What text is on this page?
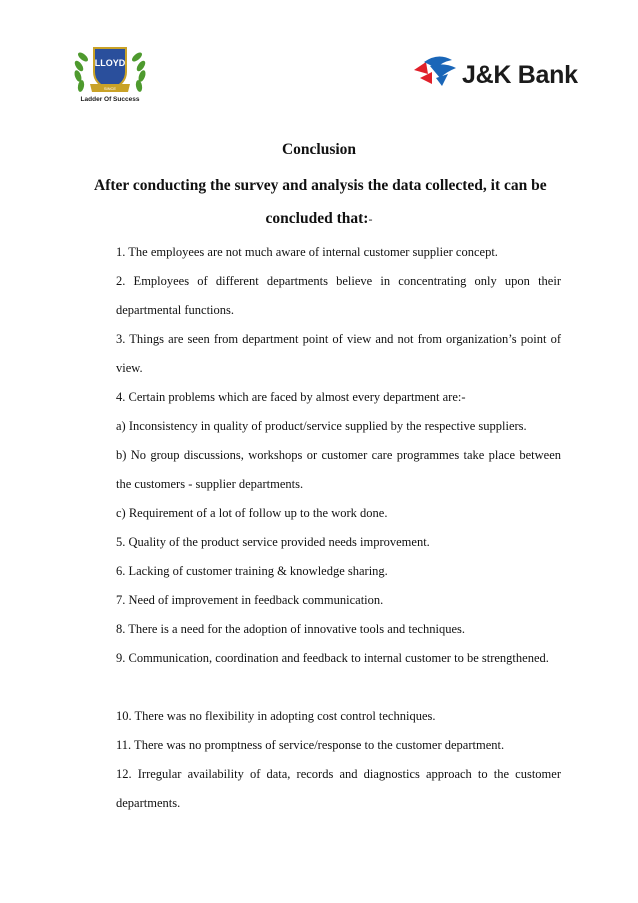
LLOYD
SINCE
Ladder Of Success
J&K Bank
Conclusion
After conducting the survey and analysis the data collected, it can be
concluded that:-

1. The employees are not much aware of internal customer supplier concept.

2. Employees of different departments believe in concentrating only upon their departmental functions.

3. Things are seen from department point of view and not from organization’s point of view.

4. Certain problems which are faced by almost every department are:-

a) Inconsistency in quality of product/service supplied by the respective suppliers.

b) No group discussions, workshops or customer care programmes take place between the customers - supplier departments.

c) Requirement of a lot of follow up to the work done.

5. Quality of the product service provided needs improvement.

6. Lacking of customer training & knowledge sharing.

7. Need of improvement in feedback communication.

8. There is a need for the adoption of innovative tools and techniques.

9. Communication, coordination and feedback to internal customer to be strengthened.

10. There was no flexibility in adopting cost control techniques.

11. There was no promptness of service/response to the customer department.

12. Irregular availability of data, records and diagnostics approach to the customer departments.
